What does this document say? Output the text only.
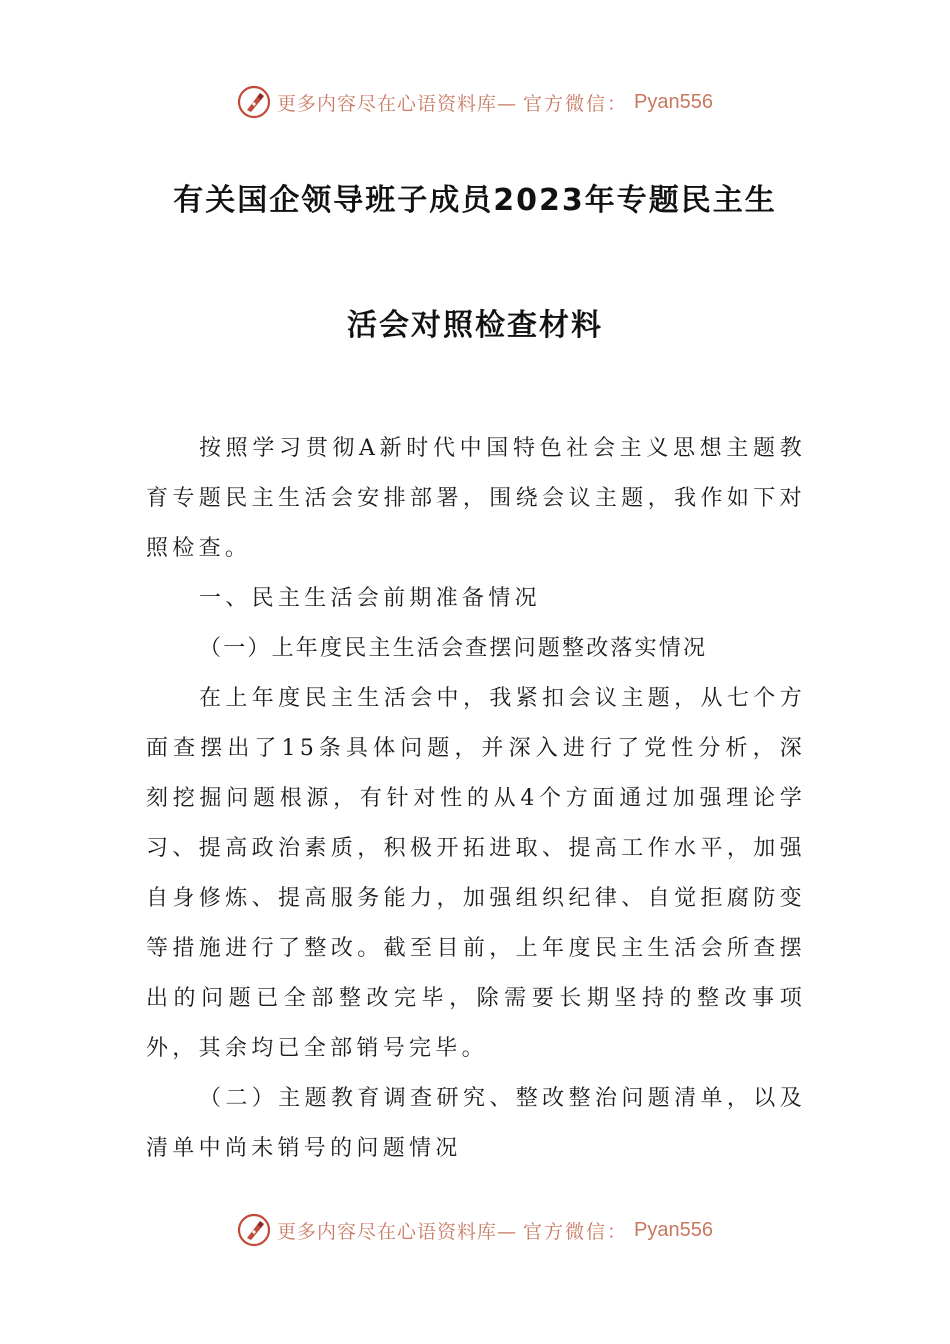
更多内容尽在心语资料库— 官方微信： Pyan556
有关国企领导班子成员2023年专题民主生
活会对照检查材料

按照学习贯彻A新时代中国特色社会主义思想主题教育专题民主生活会安排部署，围绕会议主题，我作如下对照检查。

一、民主生活会前期准备情况

（一）上年度民主生活会查摆问题整改落实情况

在上年度民主生活会中，我紧扣会议主题，从七个方面查摆出了15条具体问题，并深入进行了党性分析，深刻挖掘问题根源，有针对性的从4个方面通过加强理论学习、提高政治素质，积极开拓进取、提高工作水平，加强自身修炼、提高服务能力，加强组织纪律、自觉拒腐防变等措施进行了整改。截至目前，上年度民主生活会所查摆出的问题已全部整改完毕，除需要长期坚持的整改事项外，其余均已全部销号完毕。

（二）主题教育调查研究、整改整治问题清单，以及清单中尚未销号的问题情况

更多内容尽在心语资料库— 官方微信： Pyan556
